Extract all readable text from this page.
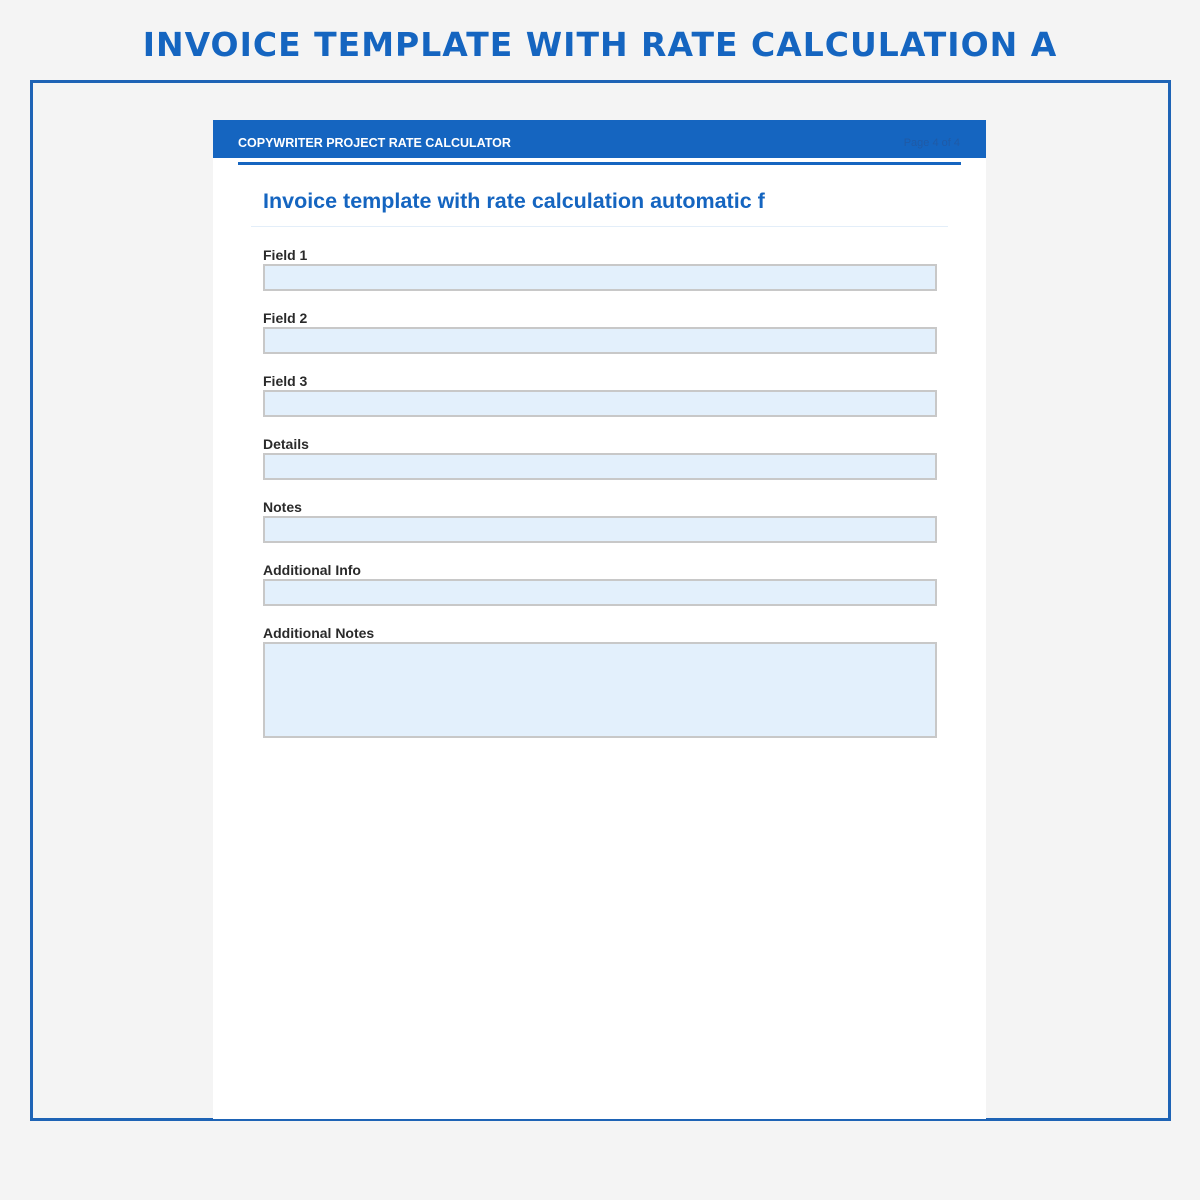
INVOICE TEMPLATE WITH RATE CALCULATION A
COPYWRITER PROJECT RATE CALCULATOR	Page 4 of 4
Invoice template with rate calculation automatic f
Field 1
Field 2
Field 3
Details
Notes
Additional Info
Additional Notes
